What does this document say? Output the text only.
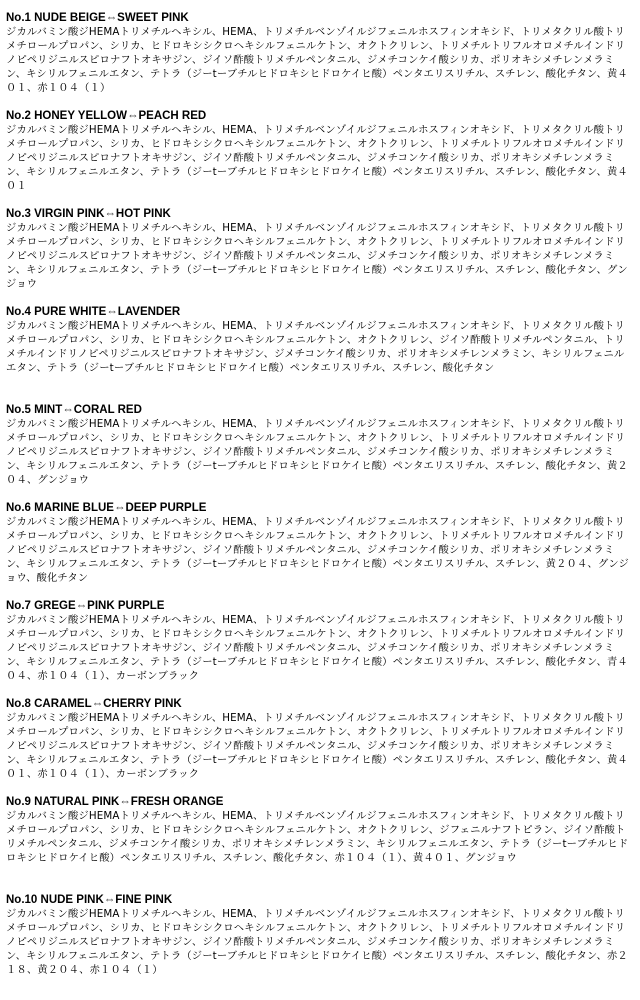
No.1 NUDE BEIGE⇔SWEET PINK
ジカルバミン酸ジHEMAトリメチルヘキシル、HEMA、トリメチルベンゾイルジフェニルホスフィンオキシド、トリメタクリル酸トリメチロールプロパン、シリカ、ヒドロキシシクロヘキシルフェニルケトン、オクトクリレン、トリメチルトリフルオロメチルインドリノピペリジニルスピロナフトオキサジン、ジイソ酢酸トリメチルペンタニル、ジメチコンケイ酸シリカ、ポリオキシメチレンメラミン、キシリルフェニルエタン、テトラ（ジーtーブチルヒドロキシヒドロケイヒ酸）ペンタエリスリチル、スチレン、酸化チタン、黄４０１、赤１０４（１）
No.2 HONEY YELLOW⇔PEACH RED
ジカルバミン酸ジHEMAトリメチルヘキシル、HEMA、トリメチルベンゾイルジフェニルホスフィンオキシド、トリメタクリル酸トリメチロールプロパン、シリカ、ヒドロキシシクロヘキシルフェニルケトン、オクトクリレン、トリメチルトリフルオロメチルインドリノピペリジニルスピロナフトオキサジン、ジイソ酢酸トリメチルペンタニル、ジメチコンケイ酸シリカ、ポリオキシメチレンメラミン、キシリルフェニルエタン、テトラ（ジーtーブチルヒドロキシヒドロケイヒ酸）ペンタエリスリチル、スチレン、酸化チタン、黄４０１
No.3 VIRGIN PINK⇔HOT PINK
ジカルバミン酸ジHEMAトリメチルヘキシル、HEMA、トリメチルベンゾイルジフェニルホスフィンオキシド、トリメタクリル酸トリメチロールプロパン、シリカ、ヒドロキシシクロヘキシルフェニルケトン、オクトクリレン、トリメチルトリフルオロメチルインドリノピペリジニルスピロナフトオキサジン、ジイソ酢酸トリメチルペンタニル、ジメチコンケイ酸シリカ、ポリオキシメチレンメラミン、キシリルフェニルエタン、テトラ（ジーtーブチルヒドロキシヒドロケイヒ酸）ペンタエリスリチル、スチレン、酸化チタン、グンジョウ
No.4 PURE WHITE⇔LAVENDER
ジカルバミン酸ジHEMAトリメチルヘキシル、HEMA、トリメチルベンゾイルジフェニルホスフィンオキシド、トリメタクリル酸トリメチロールプロパン、シリカ、ヒドロキシシクロヘキシルフェニルケトン、オクトクリレン、ジイソ酢酸トリメチルペンタニル、トリメチルインドリノピペリジニルスピロナフトオキサジン、ジメチコンケイ酸シリカ、ポリオキシメチレンメラミン、キシリルフェニルエタン、テトラ（ジーtーブチルヒドロキシヒドロケイヒ酸）ペンタエリスリチル、スチレン、酸化チタン
No.5 MINT⇔CORAL RED
ジカルバミン酸ジHEMAトリメチルヘキシル、HEMA、トリメチルベンゾイルジフェニルホスフィンオキシド、トリメタクリル酸トリメチロールプロパン、シリカ、ヒドロキシシクロヘキシルフェニルケトン、オクトクリレン、トリメチルトリフルオロメチルインドリノピペリジニルスピロナフトオキサジン、ジイソ酢酸トリメチルペンタニル、ジメチコンケイ酸シリカ、ポリオキシメチレンメラミン、キシリルフェニルエタン、テトラ（ジーtーブチルヒドロキシヒドロケイヒ酸）ペンタエリスリチル、スチレン、酸化チタン、黄２０４、グンジョウ
No.6 MARINE BLUE⇔DEEP PURPLE
ジカルバミン酸ジHEMAトリメチルヘキシル、HEMA、トリメチルベンゾイルジフェニルホスフィンオキシド、トリメタクリル酸トリメチロールプロパン、シリカ、ヒドロキシシクロヘキシルフェニルケトン、オクトクリレン、トリメチルトリフルオロメチルインドリノピペリジニルスピロナフトオキサジン、ジイソ酢酸トリメチルペンタニル、ジメチコンケイ酸シリカ、ポリオキシメチレンメラミン、キシリルフェニルエタン、テトラ（ジーtーブチルヒドロキシヒドロケイヒ酸）ペンタエリスリチル、スチレン、黄２０４、グンジョウ、酸化チタン
No.7 GREGE⇔PINK PURPLE
ジカルバミン酸ジHEMAトリメチルヘキシル、HEMA、トリメチルベンゾイルジフェニルホスフィンオキシド、トリメタクリル酸トリメチロールプロパン、シリカ、ヒドロキシシクロヘキシルフェニルケトン、オクトクリレン、トリメチルトリフルオロメチルインドリノピペリジニルスピロナフトオキサジン、ジイソ酢酸トリメチルペンタニル、ジメチコンケイ酸シリカ、ポリオキシメチレンメラミン、キシリルフェニルエタン、テトラ（ジーtーブチルヒドロキシヒドロケイヒ酸）ペンタエリスリチル、スチレン、酸化チタン、青４０４、赤１０４（１）、カーボンブラック
No.8 CARAMEL⇔CHERRY PINK
ジカルバミン酸ジHEMAトリメチルヘキシル、HEMA、トリメチルベンゾイルジフェニルホスフィンオキシド、トリメタクリル酸トリメチロールプロパン、シリカ、ヒドロキシシクロヘキシルフェニルケトン、オクトクリレン、トリメチルトリフルオロメチルインドリノピペリジニルスピロナフトオキサジン、ジイソ酢酸トリメチルペンタニル、ジメチコンケイ酸シリカ、ポリオキシメチレンメラミン、キシリルフェニルエタン、テトラ（ジーtーブチルヒドロキシヒドロケイヒ酸）ペンタエリスリチル、スチレン、酸化チタン、黄４０１、赤１０４（１）、カーボンブラック
No.9 NATURAL PINK⇔FRESH ORANGE
ジカルバミン酸ジHEMAトリメチルヘキシル、HEMA、トリメチルベンゾイルジフェニルホスフィンオキシド、トリメタクリル酸トリメチロールプロパン、シリカ、ヒドロキシシクロヘキシルフェニルケトン、オクトクリレン、ジフェニルナフトピラン、ジイソ酢酸トリメチルペンタニル、ジメチコンケイ酸シリカ、ポリオキシメチレンメラミン、キシリルフェニルエタン、テトラ（ジーtーブチルヒドロキシヒドロケイヒ酸）ペンタエリスリチル、スチレン、酸化チタン、赤１０４（１）、黄４０１、グンジョウ
No.10 NUDE PINK⇔FINE PINK
ジカルバミン酸ジHEMAトリメチルヘキシル、HEMA、トリメチルベンゾイルジフェニルホスフィンオキシド、トリメタクリル酸トリメチロールプロパン、シリカ、ヒドロキシシクロヘキシルフェニルケトン、オクトクリレン、トリメチルトリフルオロメチルインドリノピペリジニルスピロナフトオキサジン、ジイソ酢酸トリメチルペンタニル、ジメチコンケイ酸シリカ、ポリオキシメチレンメラミン、キシリルフェニルエタン、テトラ（ジーtーブチルヒドロキシヒドロケイヒ酸）ペンタエリスリチル、スチレン、酸化チタン、赤２１８、黄２０４、赤１０４（１）
